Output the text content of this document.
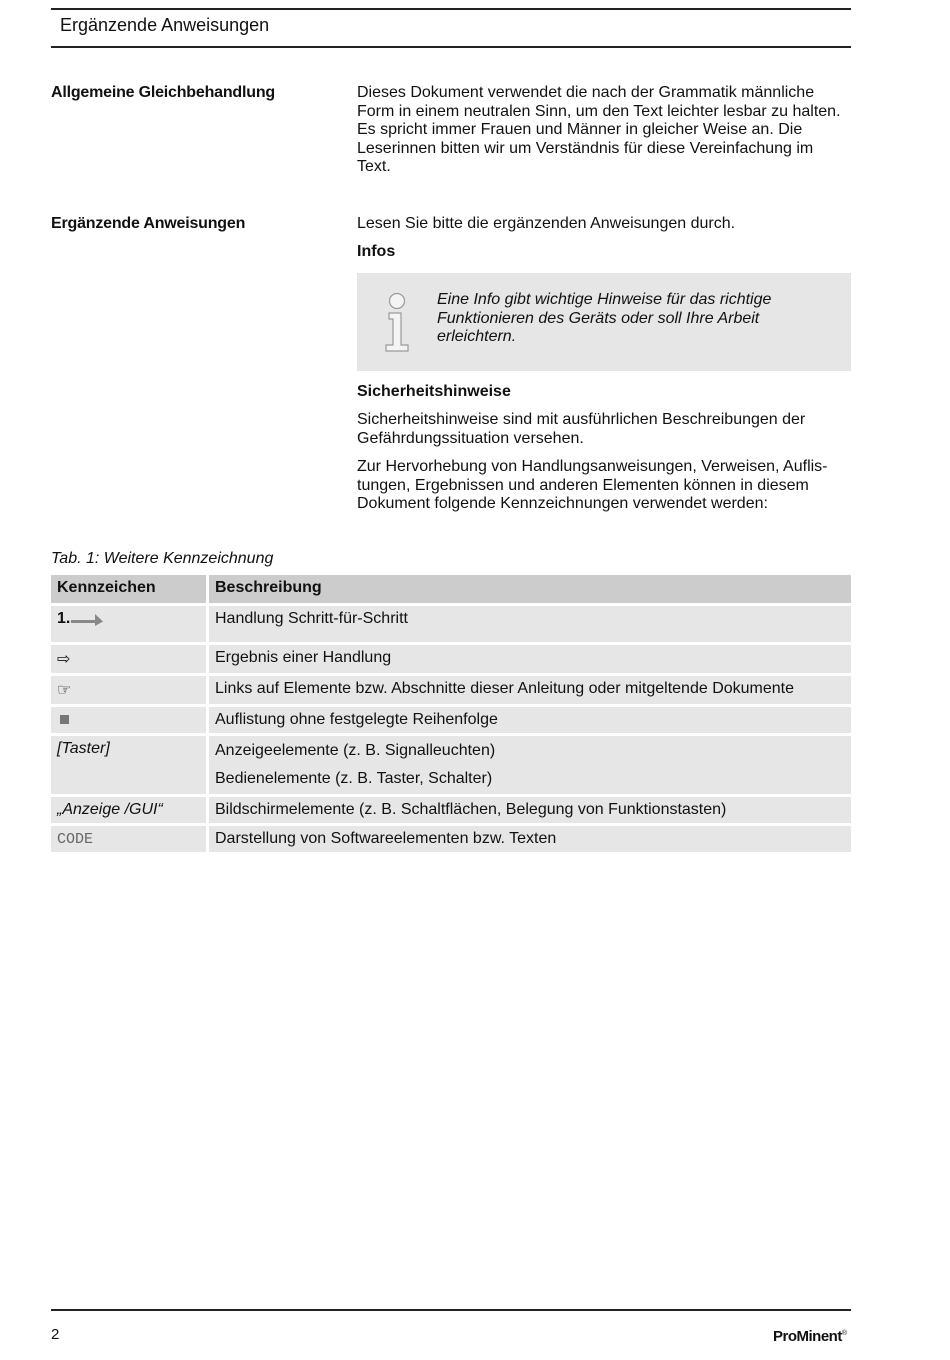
Ergänzende Anweisungen
Allgemeine Gleichbehandlung	Dieses Dokument verwendet die nach der Grammatik männliche Form in einem neutralen Sinn, um den Text leichter lesbar zu halten. Es spricht immer Frauen und Männer in gleicher Weise an. Die Leserinnen bitten wir um Verständnis für diese Vereinfachung im Text.
Ergänzende Anweisungen	Lesen Sie bitte die ergänzenden Anweisungen durch.
Infos
Eine Info gibt wichtige Hinweise für das richtige Funktionieren des Geräts oder soll Ihre Arbeit erleichtern.
Sicherheitshinweise
Sicherheitshinweise sind mit ausführlichen Beschreibungen der Gefährdungssituation versehen.
Zur Hervorhebung von Handlungsanweisungen, Verweisen, Auflistungen, Ergebnissen und anderen Elementen können in diesem Dokument folgende Kennzeichnungen verwendet werden:
Tab. 1: Weitere Kennzeichnung
Kennzeichen	Beschreibung
1.	Handlung Schritt-für-Schritt
⇨	Ergebnis einer Handlung
☞	Links auf Elemente bzw. Abschnitte dieser Anleitung oder mitgeltende Dokumente
	Auflistung ohne festgelegte Reihenfolge
[Taster]	Anzeigeelemente (z. B. Signalleuchten)
Bedienelemente (z. B. Taster, Schalter)

„Anzeige /GUI“	Bildschirmelemente (z. B. Schaltflächen, Belegung von Funktionstasten)
CODE	Darstellung von Softwareelementen bzw. Texten
2	ProMinent®
